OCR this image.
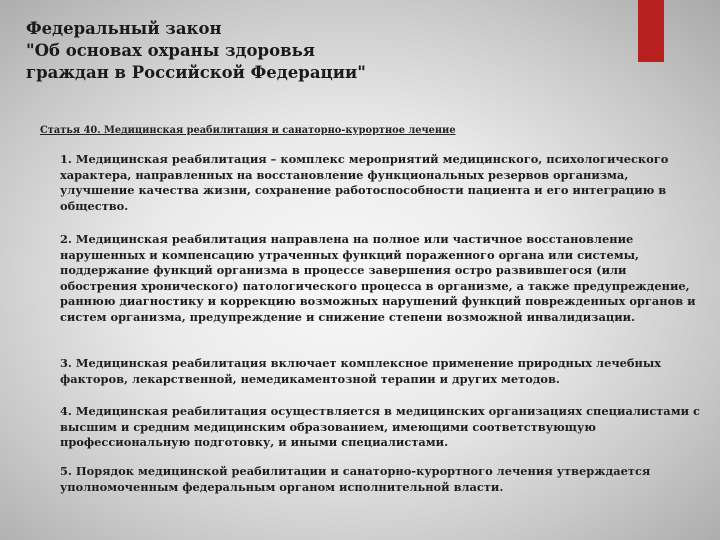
Федеральный закон
"Об основах охраны здоровья
граждан в Российской Федерации"
Статья 40. Медицинская реабилитация и санаторно-курортное лечение
1. Медицинская реабилитация – комплекс мероприятий медицинского, психологического характера, направленных на восстановление функциональных резервов организма, улучшение качества жизни, сохранение работоспособности пациента и его интеграцию в общество.
2. Медицинская реабилитация направлена на полное или частичное восстановление нарушенных и компенсацию утраченных функций пораженного органа или системы, поддержание функций организма в процессе завершения остро развившегося (или обострения хронического) патологического процесса в организме, а также предупреждение, раннюю диагностику и коррекцию возможных нарушений функций поврежденных органов и систем организма, предупреждение и снижение степени возможной инвалидизации.
3. Медицинская реабилитация включает комплексное применение природных лечебных факторов, лекарственной, немедикаментозной терапии и других методов.
4. Медицинская реабилитация осуществляется в медицинских организациях специалистами с высшим и средним медицинским образованием, имеющими соответствующую профессиональную подготовку, и иными специалистами.
5. Порядок медицинской реабилитации и санаторно-курортного лечения утверждается уполномоченным федеральным органом исполнительной власти.
